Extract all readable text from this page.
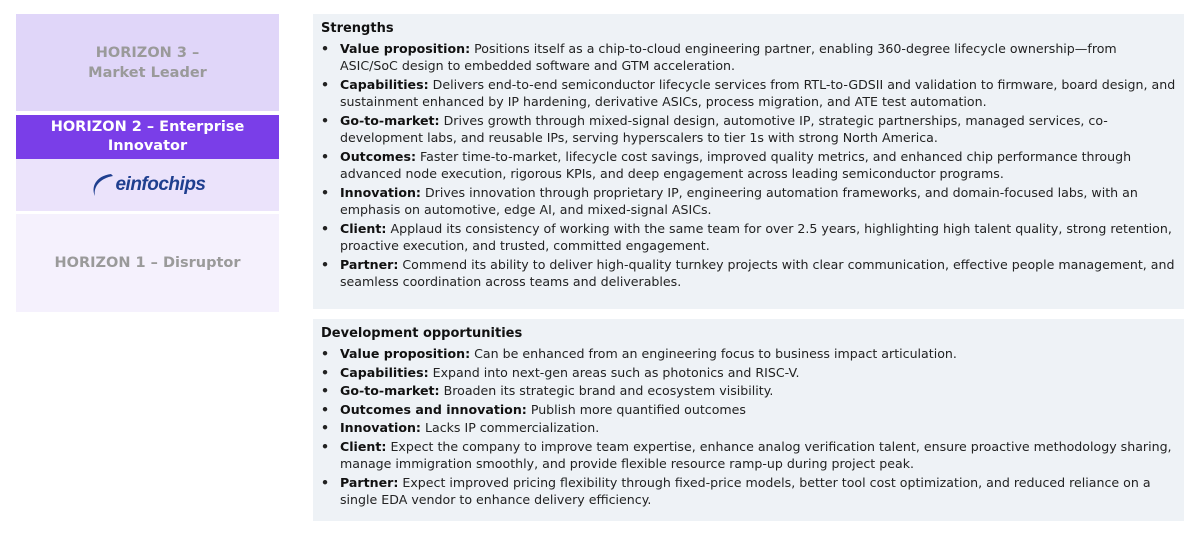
HORIZON 3 –
Market Leader
HORIZON 2 – Enterprise
Innovator
einfochips
HORIZON 1 – Disruptor
Strengths
• Value proposition: Positions itself as a chip-to-cloud engineering partner, enabling 360-degree lifecycle ownership—from ASIC/SoC design to embedded software and GTM acceleration.
• Capabilities: Delivers end-to-end semiconductor lifecycle services from RTL-to-GDSII and validation to firmware, board design, and sustainment enhanced by IP hardening, derivative ASICs, process migration, and ATE test automation.
• Go-to-market: Drives growth through mixed-signal design, automotive IP, strategic partnerships, managed services, co-development labs, and reusable IPs, serving hyperscalers to tier 1s with strong North America.
• Outcomes: Faster time-to-market, lifecycle cost savings, improved quality metrics, and enhanced chip performance through advanced node execution, rigorous KPIs, and deep engagement across leading semiconductor programs.
• Innovation: Drives innovation through proprietary IP, engineering automation frameworks, and domain-focused labs, with an emphasis on automotive, edge AI, and mixed-signal ASICs.
• Client: Applaud its consistency of working with the same team for over 2.5 years, highlighting high talent quality, strong retention, proactive execution, and trusted, committed engagement.
• Partner: Commend its ability to deliver high-quality turnkey projects with clear communication, effective people management, and seamless coordination across teams and deliverables.
Development opportunities
• Value proposition: Can be enhanced from an engineering focus to business impact articulation.
• Capabilities: Expand into next-gen areas such as photonics and RISC-V.
• Go-to-market: Broaden its strategic brand and ecosystem visibility.
• Outcomes and innovation: Publish more quantified outcomes
• Innovation: Lacks IP commercialization.
• Client: Expect the company to improve team expertise, enhance analog verification talent, ensure proactive methodology sharing, manage immigration smoothly, and provide flexible resource ramp-up during project peak.
• Partner: Expect improved pricing flexibility through fixed-price models, better tool cost optimization, and reduced reliance on a single EDA vendor to enhance delivery efficiency.
